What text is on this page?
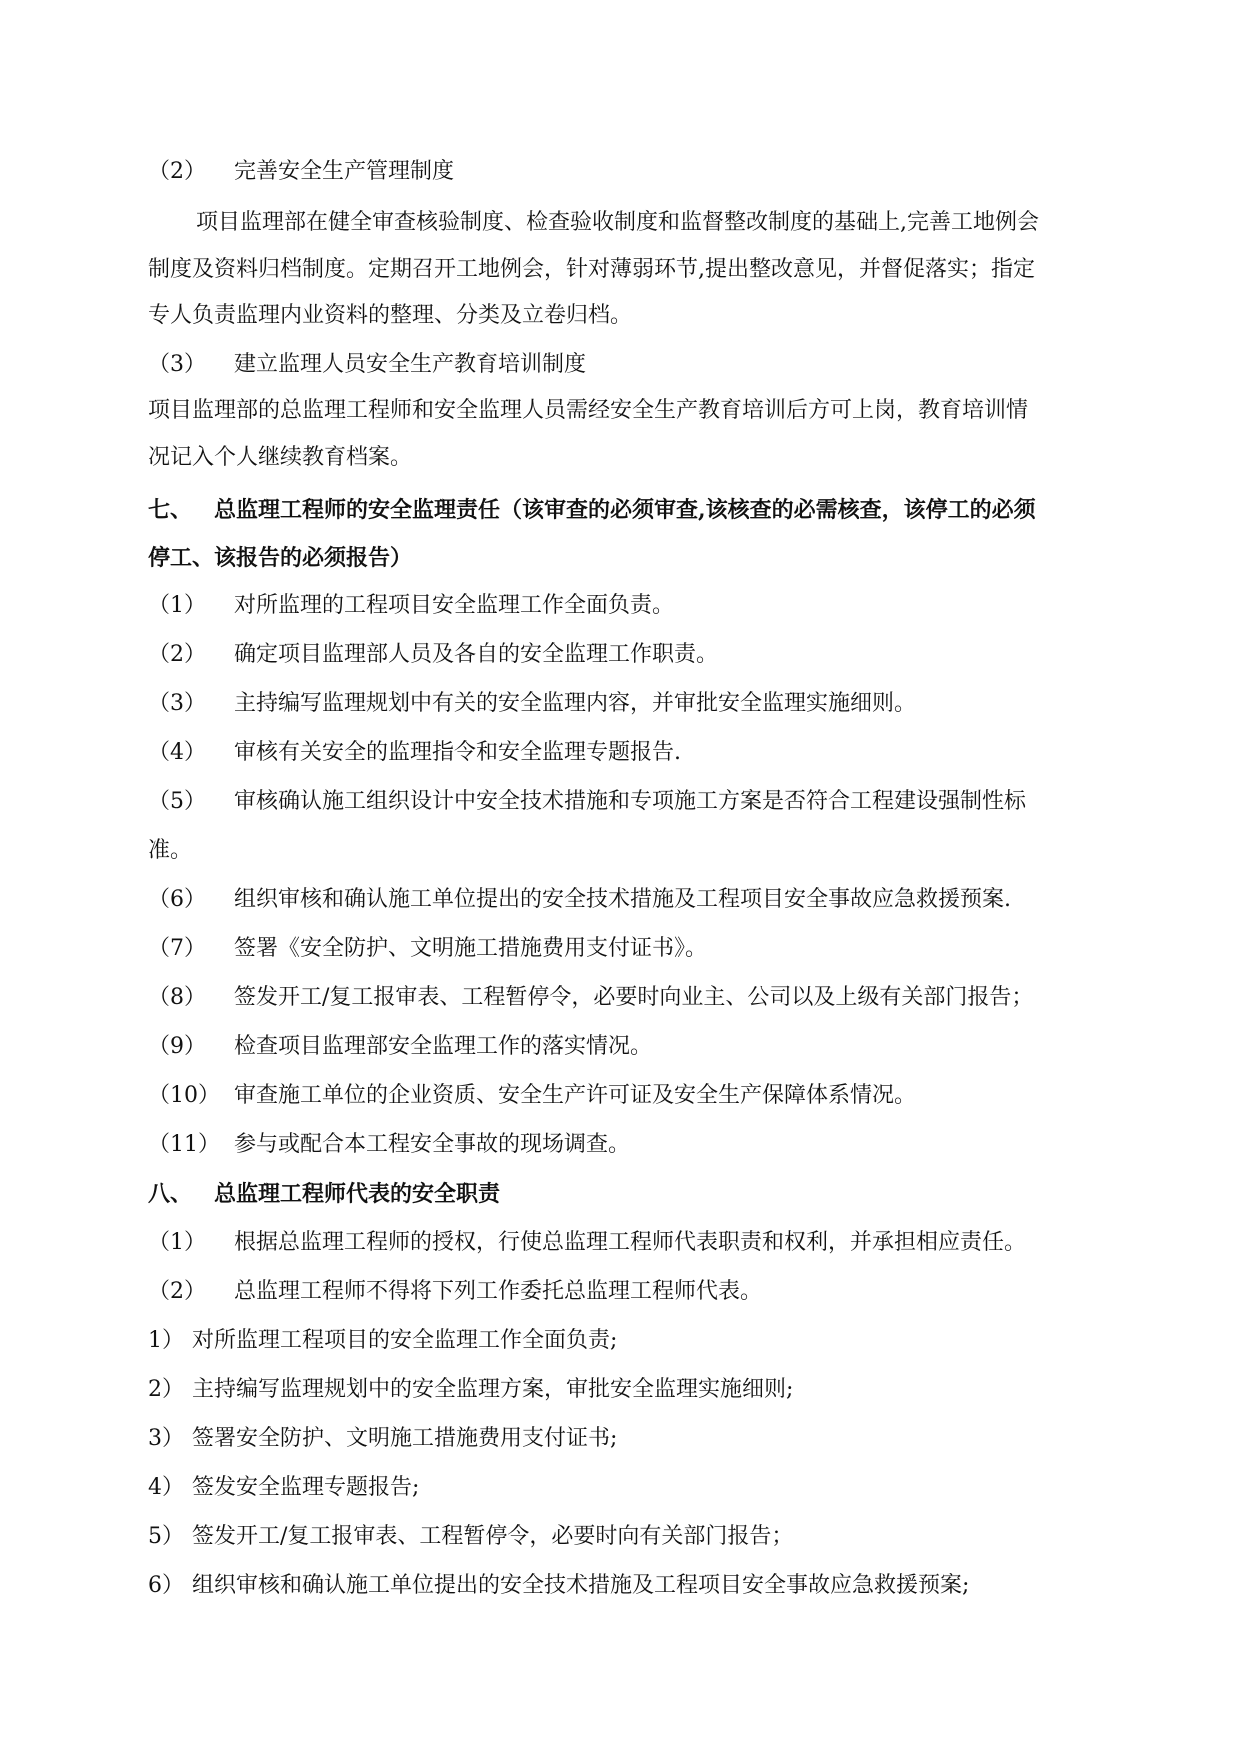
（2） 完善安全生产管理制度
项目监理部在健全审查核验制度、检查验收制度和监督整改制度的基础上,完善工地例会
制度及资料归档制度。定期召开工地例会，针对薄弱环节,提出整改意见，并督促落实；指定
专人负责监理内业资料的整理、分类及立卷归档。
（3） 建立监理人员安全生产教育培训制度
项目监理部的总监理工程师和安全监理人员需经安全生产教育培训后方可上岗，教育培训情
况记入个人继续教育档案。
七、 总监理工程师的安全监理责任（该审查的必须审查,该核查的必需核查，该停工的必须
停工、该报告的必须报告）
（1） 对所监理的工程项目安全监理工作全面负责。
（2） 确定项目监理部人员及各自的安全监理工作职责。
（3） 主持编写监理规划中有关的安全监理内容，并审批安全监理实施细则。
（4） 审核有关安全的监理指令和安全监理专题报告.
（5） 审核确认施工组织设计中安全技术措施和专项施工方案是否符合工程建设强制性标
准。
（6） 组织审核和确认施工单位提出的安全技术措施及工程项目安全事故应急救援预案.
（7） 签署《安全防护、文明施工措施费用支付证书》。
（8） 签发开工/复工报审表、工程暂停令，必要时向业主、公司以及上级有关部门报告；
（9） 检查项目监理部安全监理工作的落实情况。
（10） 审查施工单位的企业资质、安全生产许可证及安全生产保障体系情况。
（11） 参与或配合本工程安全事故的现场调查。
八、 总监理工程师代表的安全职责
（1） 根据总监理工程师的授权，行使总监理工程师代表职责和权利，并承担相应责任。
（2） 总监理工程师不得将下列工作委托总监理工程师代表。
1） 对所监理工程项目的安全监理工作全面负责;
2） 主持编写监理规划中的安全监理方案，审批安全监理实施细则;
3） 签署安全防护、文明施工措施费用支付证书;
4） 签发安全监理专题报告;
5） 签发开工/复工报审表、工程暂停令，必要时向有关部门报告；
6） 组织审核和确认施工单位提出的安全技术措施及工程项目安全事故应急救援预案;
